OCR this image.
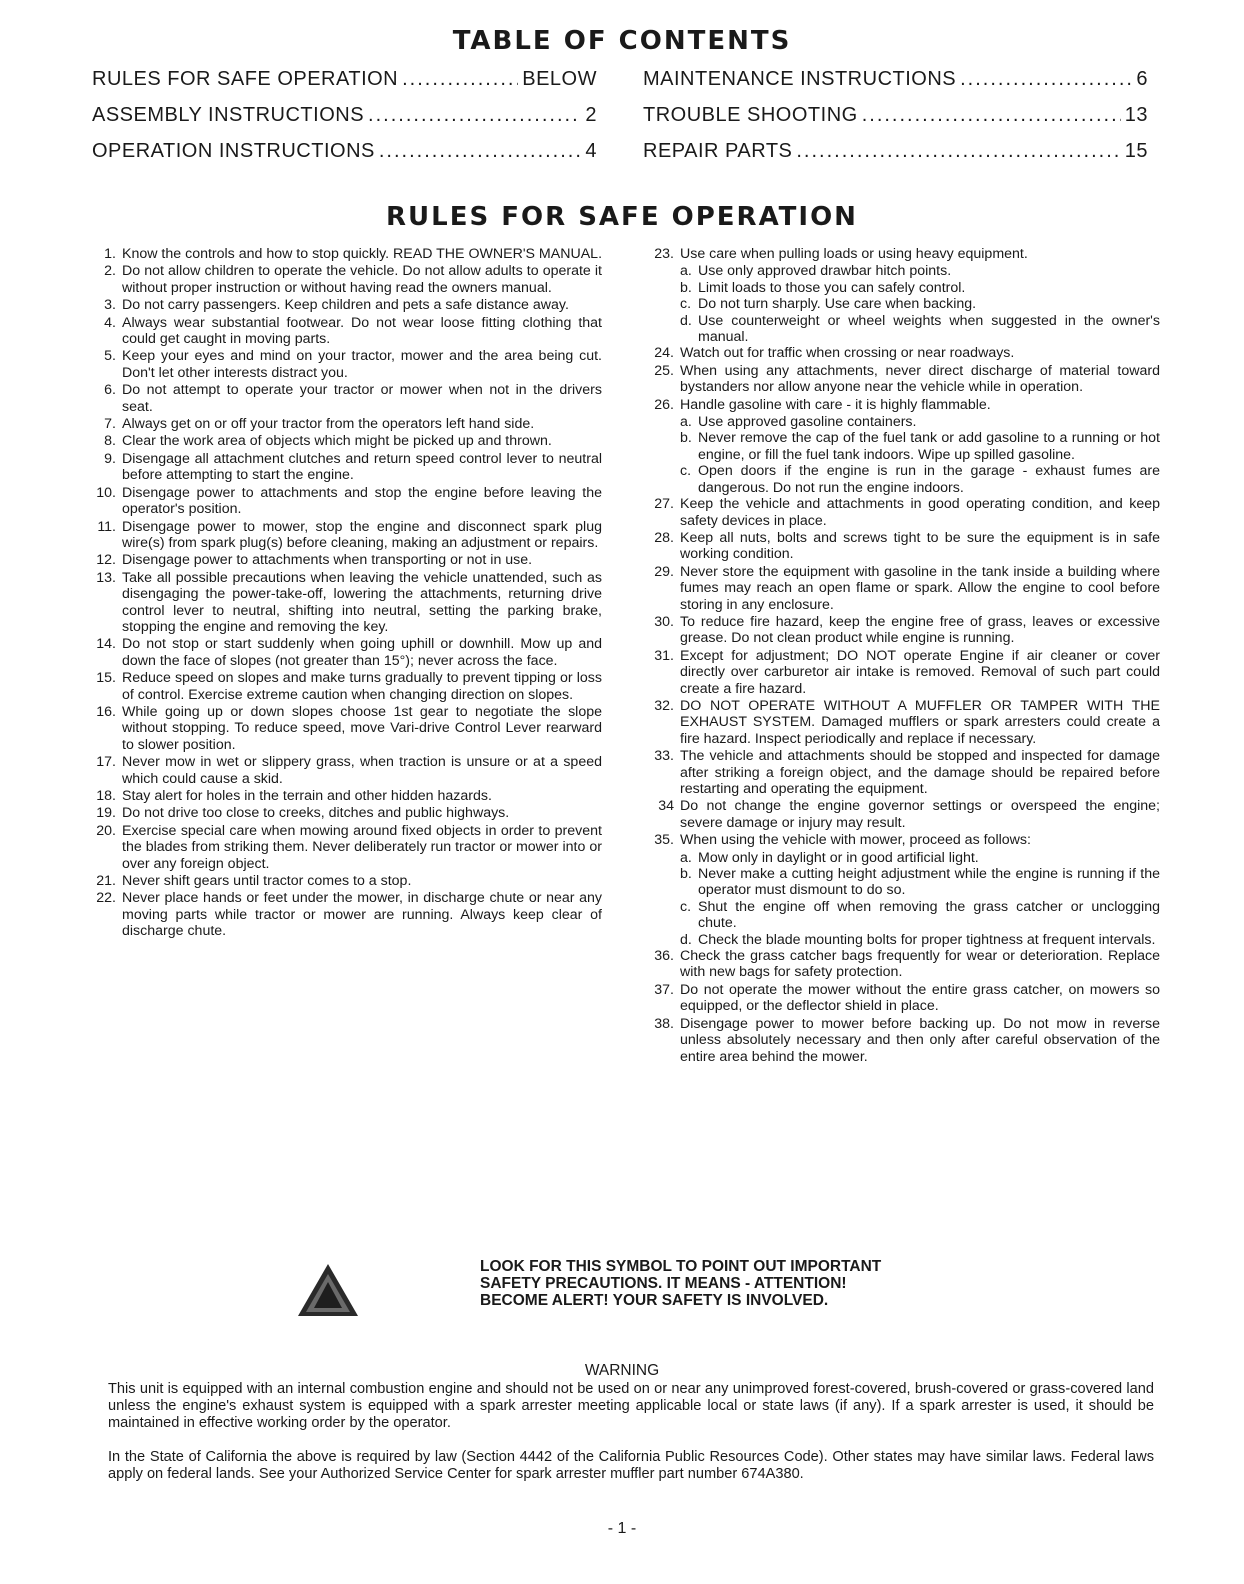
TABLE OF CONTENTS
RULES FOR SAFE OPERATION .....	BELOW MAINTENANCE INSTRUCTIONS .....	6
ASSEMBLY INSTRUCTIONS .....	2 TROUBLE SHOOTING .....	13
OPERATION INSTRUCTIONS .....	4 REPAIR PARTS .....	15
RULES FOR SAFE OPERATION
1. Know the controls and how to stop quickly. READ THE OWNER'S MANUAL.
2. Do not allow children to operate the vehicle. Do not allow adults to operate it without proper instruction or without having read the owners manual.
3. Do not carry passengers. Keep children and pets a safe distance away.
4. Always wear substantial footwear. Do not wear loose fitting clothing that could get caught in moving parts.
5. Keep your eyes and mind on your tractor, mower and the area being cut. Don't let other interests distract you.
6. Do not attempt to operate your tractor or mower when not in the drivers seat.
7. Always get on or off your tractor from the operators left hand side.
8. Clear the work area of objects which might be picked up and thrown.
9. Disengage all attachment clutches and return speed control lever to neutral before attempting to start the engine.
10. Disengage power to attachments and stop the engine before leaving the operator's position.
11. Disengage power to mower, stop the engine and disconnect spark plug wire(s) from spark plug(s) before cleaning, making an adjustment or repairs.
12. Disengage power to attachments when transporting or not in use.
13. Take all possible precautions when leaving the vehicle unattended, such as disengaging the power-take-off, lowering the attachments, returning drive control lever to neutral, shifting into neutral, setting the parking brake, stopping the engine and removing the key.
14. Do not stop or start suddenly when going uphill or downhill. Mow up and down the face of slopes (not greater than 15°); never across the face.
15. Reduce speed on slopes and make turns gradually to prevent tipping or loss of control. Exercise extreme caution when changing direction on slopes.
16. While going up or down slopes choose 1st gear to negotiate the slope without stopping. To reduce speed, move Vari-drive Control Lever rearward to slower position.
17. Never mow in wet or slippery grass, when traction is unsure or at a speed which could cause a skid.
18. Stay alert for holes in the terrain and other hidden hazards.
19. Do not drive too close to creeks, ditches and public highways.
20. Exercise special care when mowing around fixed objects in order to prevent the blades from striking them. Never deliberately run tractor or mower into or over any foreign object.
21. Never shift gears until tractor comes to a stop.
22. Never place hands or feet under the mower, in discharge chute or near any moving parts while tractor or mower are running. Always keep clear of discharge chute.
23. Use care when pulling loads or using heavy equipment.
a. Use only approved drawbar hitch points.
b. Limit loads to those you can safely control.
c. Do not turn sharply. Use care when backing.
d. Use counterweight or wheel weights when suggested in the owner's manual.
24. Watch out for traffic when crossing or near roadways.
25. When using any attachments, never direct discharge of material toward bystanders nor allow anyone near the vehicle while in operation.
26. Handle gasoline with care - it is highly flammable.
a. Use approved gasoline containers.
b. Never remove the cap of the fuel tank or add gasoline to a running or hot engine, or fill the fuel tank indoors. Wipe up spilled gasoline.
c. Open doors if the engine is run in the garage - exhaust fumes are dangerous. Do not run the engine indoors.
27. Keep the vehicle and attachments in good operating condition, and keep safety devices in place.
28. Keep all nuts, bolts and screws tight to be sure the equipment is in safe working condition.
29. Never store the equipment with gasoline in the tank inside a building where fumes may reach an open flame or spark. Allow the engine to cool before storing in any enclosure.
30. To reduce fire hazard, keep the engine free of grass, leaves or excessive grease. Do not clean product while engine is running.
31. Except for adjustment; DO NOT operate Engine if air cleaner or cover directly over carburetor air intake is removed. Removal of such part could create a fire hazard.
32. DO NOT OPERATE WITHOUT A MUFFLER OR TAMPER WITH THE EXHAUST SYSTEM. Damaged mufflers or spark arresters could create a fire hazard. Inspect periodically and replace if necessary.
33. The vehicle and attachments should be stopped and inspected for damage after striking a foreign object, and the damage should be repaired before restarting and operating the equipment.
34 Do not change the engine governor settings or overspeed the engine; severe damage or injury may result.
35. When using the vehicle with mower, proceed as follows:
a. Mow only in daylight or in good artificial light.
b. Never make a cutting height adjustment while the engine is running if the operator must dismount to do so.
c. Shut the engine off when removing the grass catcher or unclogging chute.
d. Check the blade mounting bolts for proper tightness at frequent intervals.
36. Check the grass catcher bags frequently for wear or deterioration. Replace with new bags for safety protection.
37. Do not operate the mower without the entire grass catcher, on mowers so equipped, or the deflector shield in place.
38. Disengage power to mower before backing up. Do not mow in reverse unless absolutely necessary and then only after careful observation of the entire area behind the mower.
LOOK FOR THIS SYMBOL TO POINT OUT IMPORTANT
SAFETY PRECAUTIONS. IT MEANS - ATTENTION!
BECOME ALERT! YOUR SAFETY IS INVOLVED.
WARNING
This unit is equipped with an internal combustion engine and should not be used on or near any unimproved forest-covered, brush-covered or grass-covered land unless the engine's exhaust system is equipped with a spark arrester meeting applicable local or state laws (if any). If a spark arrester is used, it should be maintained in effective working order by the operator.
In the State of California the above is required by law (Section 4442 of the California Public Resources Code). Other states may have similar laws. Federal laws apply on federal lands. See your Authorized Service Center for spark arrester muffler part number 674A380.
- 1 -
